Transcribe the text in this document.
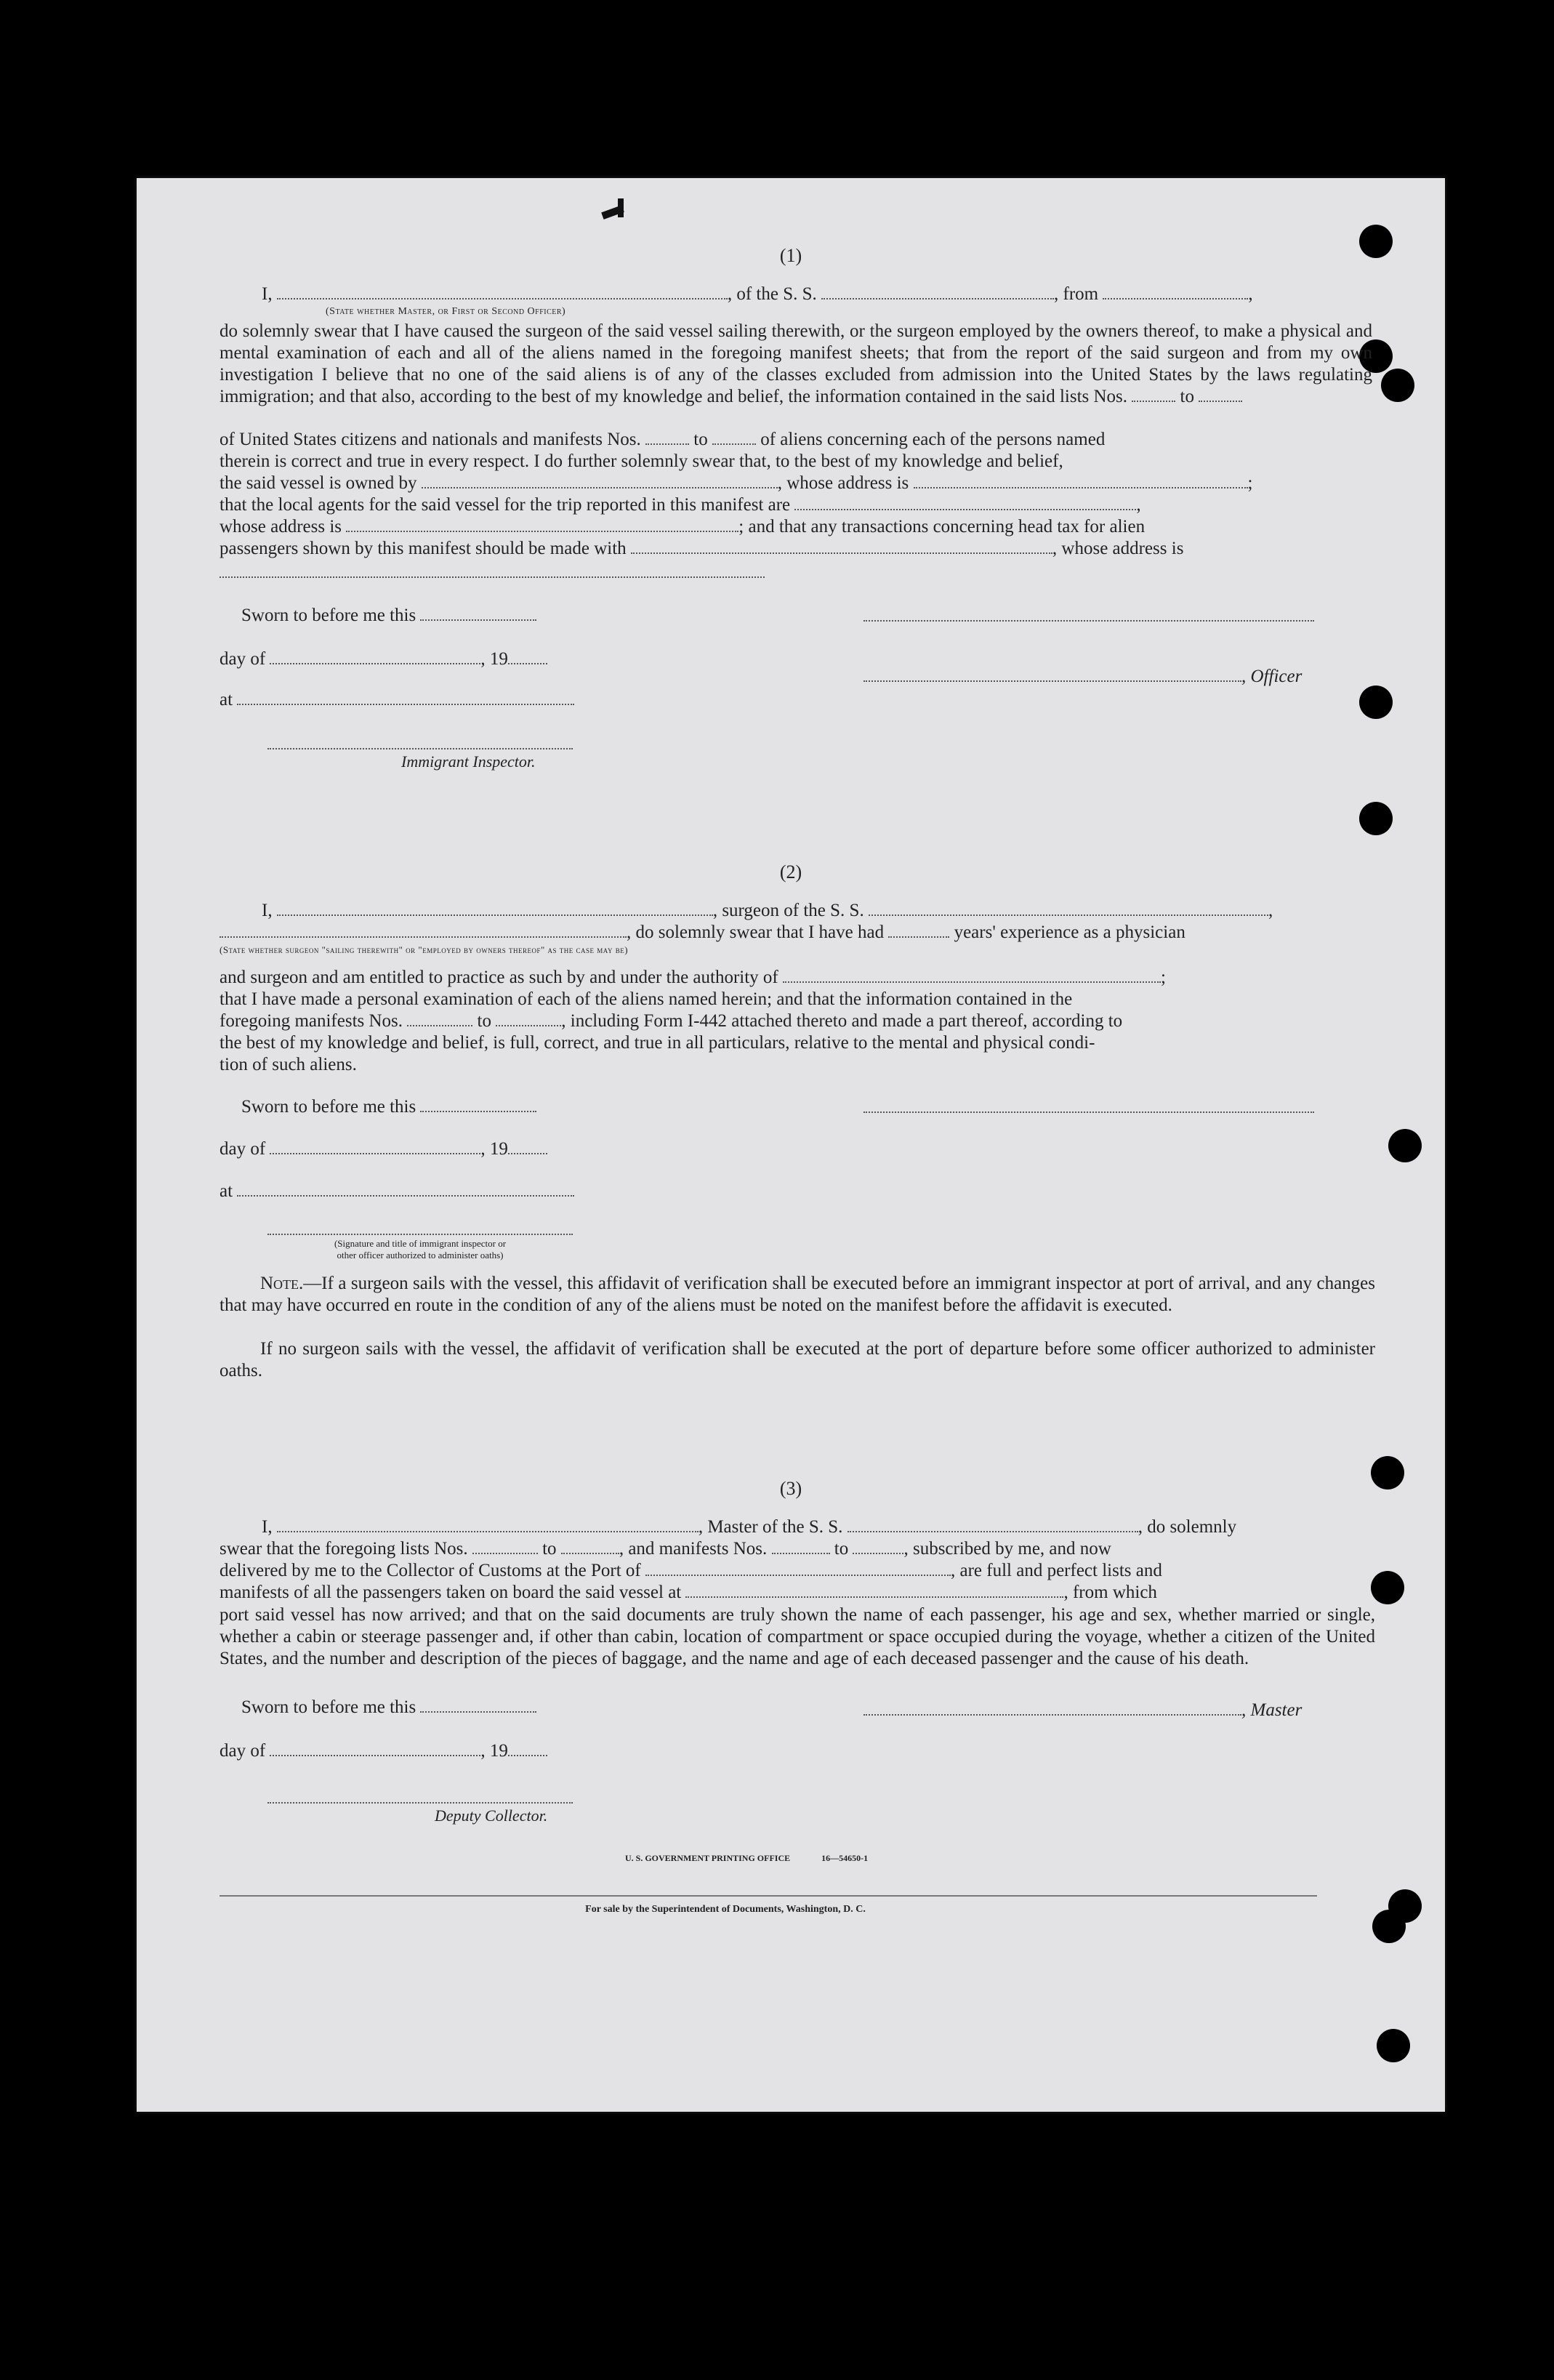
(1)
I,	, of the S. S.	, from	,
(State whether Master, or First or Second Officer)

do solemnly swear that I have caused the surgeon of the said vessel sailing therewith, or the surgeon employed by the owners thereof, to make a physical and mental examination of each and all of the aliens named in the foregoing manifest sheets; that from the report of the said surgeon and from my own investigation I believe that no one of the said aliens is of any of the classes excluded from admission into the United States by the laws regulating immigration; and that also, according to the best of my knowledge and belief, the information contained in the said lists Nos.	to
of United States citizens and nationals and manifests Nos.	to	of aliens concerning each of the persons named
therein is correct and true in every respect. I do further solemnly swear that, to the best of my knowledge and belief,
the said vessel is owned by	, whose address is	;
that the local agents for the said vessel for the trip reported in this manifest are	,
whose address is	; and that any transactions concerning head tax for alien
passengers shown by this manifest should be made with	, whose address is
Sworn to before me this
day of	, 19
, Officer
at
Immigrant Inspector.
(2)
I,	, surgeon of the S. S.	,
, do solemnly swear that I have had	years' experience as a physician
(State whether surgeon "sailing therewith" or "employed by owners thereof" as the case may be)
and surgeon and am entitled to practice as such by and under the authority of	;
that I have made a personal examination of each of the aliens named herein; and that the information contained in the
foregoing manifests Nos.	to	, including Form I-442 attached thereto and made a part thereof, according to
the best of my knowledge and belief, is full, correct, and true in all particulars, relative to the mental and physical condi-
tion of such aliens.
Sworn to before me this
day of	, 19
at
(Signature and title of immigrant inspector or
other officer authorized to administer oaths)

Note.—If a surgeon sails with the vessel, this affidavit of verification shall be executed before an immigrant inspector at port of arrival, and any changes that may have occurred en route in the condition of any of the aliens must be noted on the manifest before the affidavit is executed.

If no surgeon sails with the vessel, the affidavit of verification shall be executed at the port of departure before some officer authorized to administer oaths.

(3)
I,	, Master of the S. S.	, do solemnly
swear that the foregoing lists Nos.	to	, and manifests Nos.	to	, subscribed by me, and now
delivered by me to the Collector of Customs at the Port of	, are full and perfect lists and
manifests of all the passengers taken on board the said vessel at	, from which

port said vessel has now arrived; and that on the said documents are truly shown the name of each passenger, his age and sex, whether married or single, whether a cabin or steerage passenger and, if other than cabin, location of compartment or space occupied during the voyage, whether a citizen of the United States, and the number and description of the pieces of baggage, and the name and age of each deceased passenger and the cause of his death.

Sworn to before me this	, Master
day of	, 19
Deputy Collector.
U. S. GOVERNMENT PRINTING OFFICE	16—54650-1
For sale by the Superintendent of Documents, Washington, D. C.
